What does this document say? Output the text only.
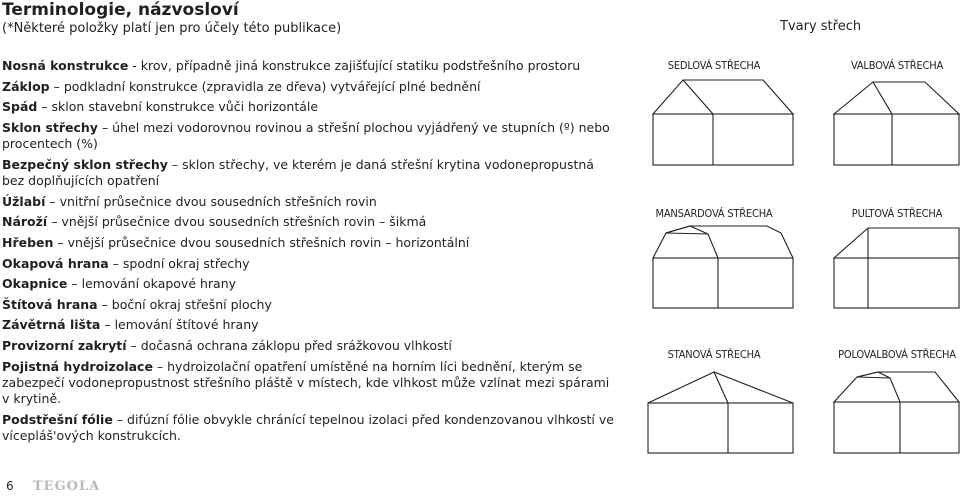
Terminologie, názvosloví
(*Některé položky platí jen pro účely této publikace)	Tvary střech

Nosná konstrukce - krov, případně jiná konstrukce zajišťující statiku podstřešního prostoru

Záklop – podkladní konstrukce (zpravidla ze dřeva) vytvářející plné bednění

Spád – sklon stavební konstrukce vůči horizontále

Sklon střechy – úhel mezi vodorovnou rovinou a střešní plochou vyjádřený ve stupních (º) nebo procentech (%)

Bezpečný sklon střechy – sklon střechy, ve kterém je daná střešní krytina vodonepropustná bez doplňujících opatření

Úžlabí – vnitřní průsečnice dvou sousedních střešních rovin

Nároží – vnější průsečnice dvou sousedních střešních rovin – šikmá

Hřeben – vnější průsečnice dvou sousedních střešních rovin – horizontální

Okapová hrana – spodní okraj střechy

Okapnice – lemování okapové hrany

Štítová hrana – boční okraj střešní plochy

Závětrná lišta – lemování štítové hrany

Provizorní zakrytí – dočasná ochrana záklopu před srážkovou vlhkostí

Pojistná hydroizolace – hydroizolační opatření umístěné na horním líci bednění, kterým se zabezpečí vodonepropustnost střešního pláště v místech, kde vlhkost může vzlínat mezi spárami v krytině.

Podstřešní fólie – difúzní fólie obvykle chránící tepelnou izolaci před kondenzovanou vlhkostí ve vícepláš'ových konstrukcích.

SEDLOVÁ STŘECHA	VALBOVÁ STŘECHA
MANSARDOVÁ STŘECHA	PULTOVÁ STŘECHA
STANOVÁ STŘECHA	POLOVALBOVÁ STŘECHA
6 TEGOLA
